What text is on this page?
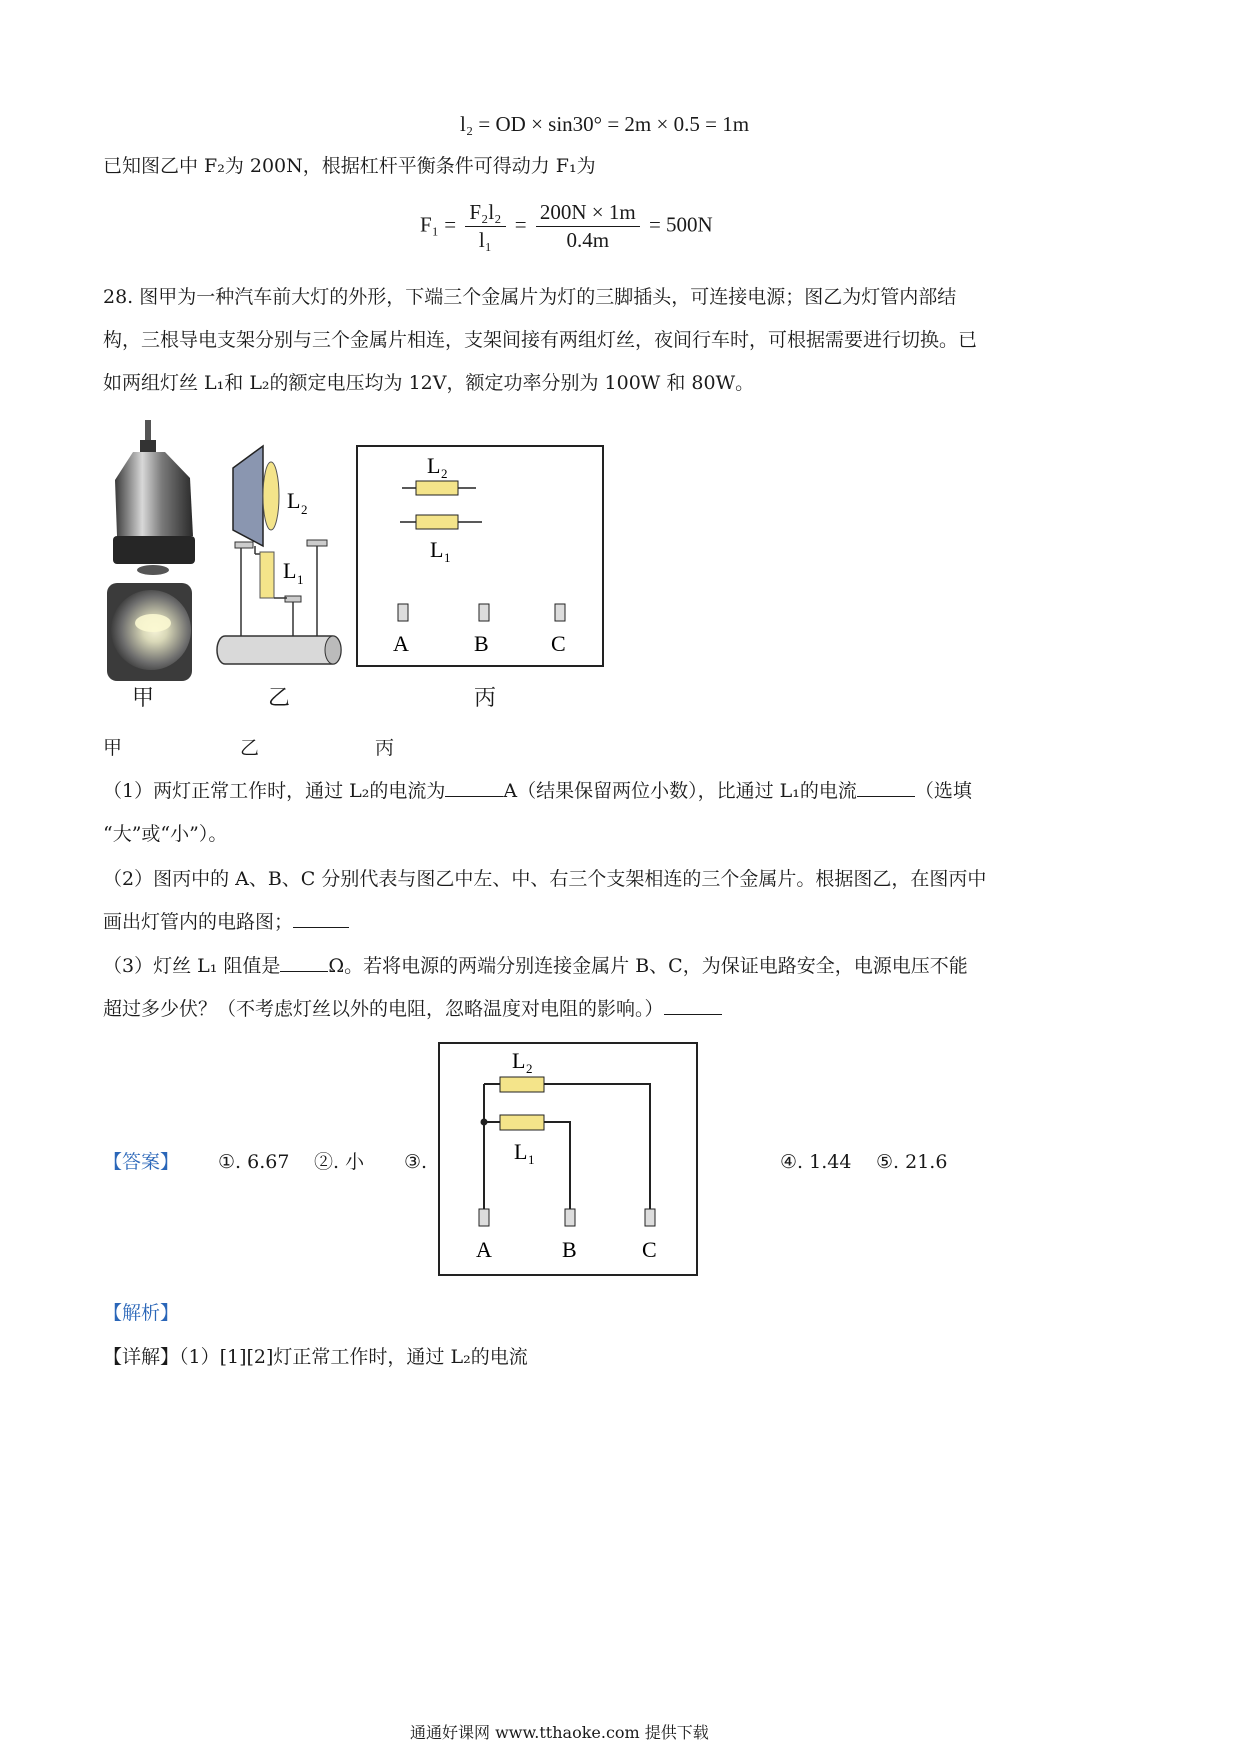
l₂ = OD × sin30° = 2m × 0.5 = 1m
已知图乙中 F₂为 200N，根据杠杆平衡条件可得动力 F₁为
$F_1 = \frac{\text{F₂l₂}}{\text{l₁}} = \frac{200N \times 1m}{0.4m} = 500N$
28. 图甲为一种汽车前大灯的外形，下端三个金属片为灯的三脚插头，可连接电源；图乙为灯管内部结
构，三根导电支架分别与三个金属片相连，支架间接有两组灯丝，夜间行车时，可根据需要进行切换。已
如两组灯丝 L₁和 L₂的额定电压均为 12V，额定功率分别为 100W 和 80W。
L 2
L 1
L 2
L 1
A	B	C
甲	乙	丙
甲	乙	丙
（1）两灯正常工作时，通过 L₂的电流为	A（结果保留两位小数），比通过 L₁的电流	（选填
“大”或“小”）。
（2）图丙中的 A、B、C 分别代表与图乙中左、中、右三个支架相连的三个金属片。根据图乙，在图丙中
画出灯管内的电路图；
（3）灯丝 L₁ 阻值是	Ω。若将电源的两端分别连接金属片 B、C，为保证电路安全，电源电压不能
超过多少伏？（不考虑灯丝以外的电阻，忽略温度对电阻的影响。）
【答案】 ①. 6.67 ②. 小 ③.	④. 1.44 ⑤. 21.6
L 2
L 1
A	B	C
【解析】
【详解】（1）[1][2]灯正常工作时，通过 L₂的电流
通通好课网 www.tthaoke.com 提供下载
